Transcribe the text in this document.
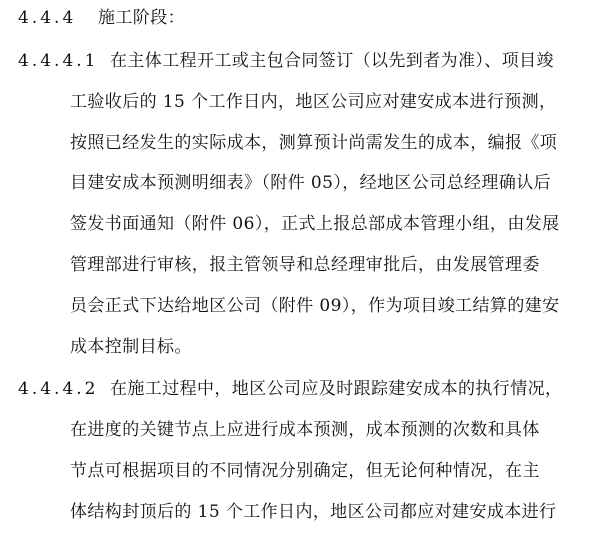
4.4.4 施工阶段：
4.4.4.1 在主体工程开工或主包合同签订（以先到者为准）、项目竣
工验收后的 15 个工作日内，地区公司应对建安成本进行预测，
按照已经发生的实际成本，测算预计尚需发生的成本，编报《项
目建安成本预测明细表》（附件 05），经地区公司总经理确认后
签发书面通知（附件 06），正式上报总部成本管理小组，由发展
管理部进行审核，报主管领导和总经理审批后，由发展管理委
员会正式下达给地区公司（附件 09），作为项目竣工结算的建安
成本控制目标。
4.4.4.2 在施工过程中，地区公司应及时跟踪建安成本的执行情况，
在进度的关键节点上应进行成本预测，成本预测的次数和具体
节点可根据项目的不同情况分别确定，但无论何种情况，在主
体结构封顶后的 15 个工作日内，地区公司都应对建安成本进行
